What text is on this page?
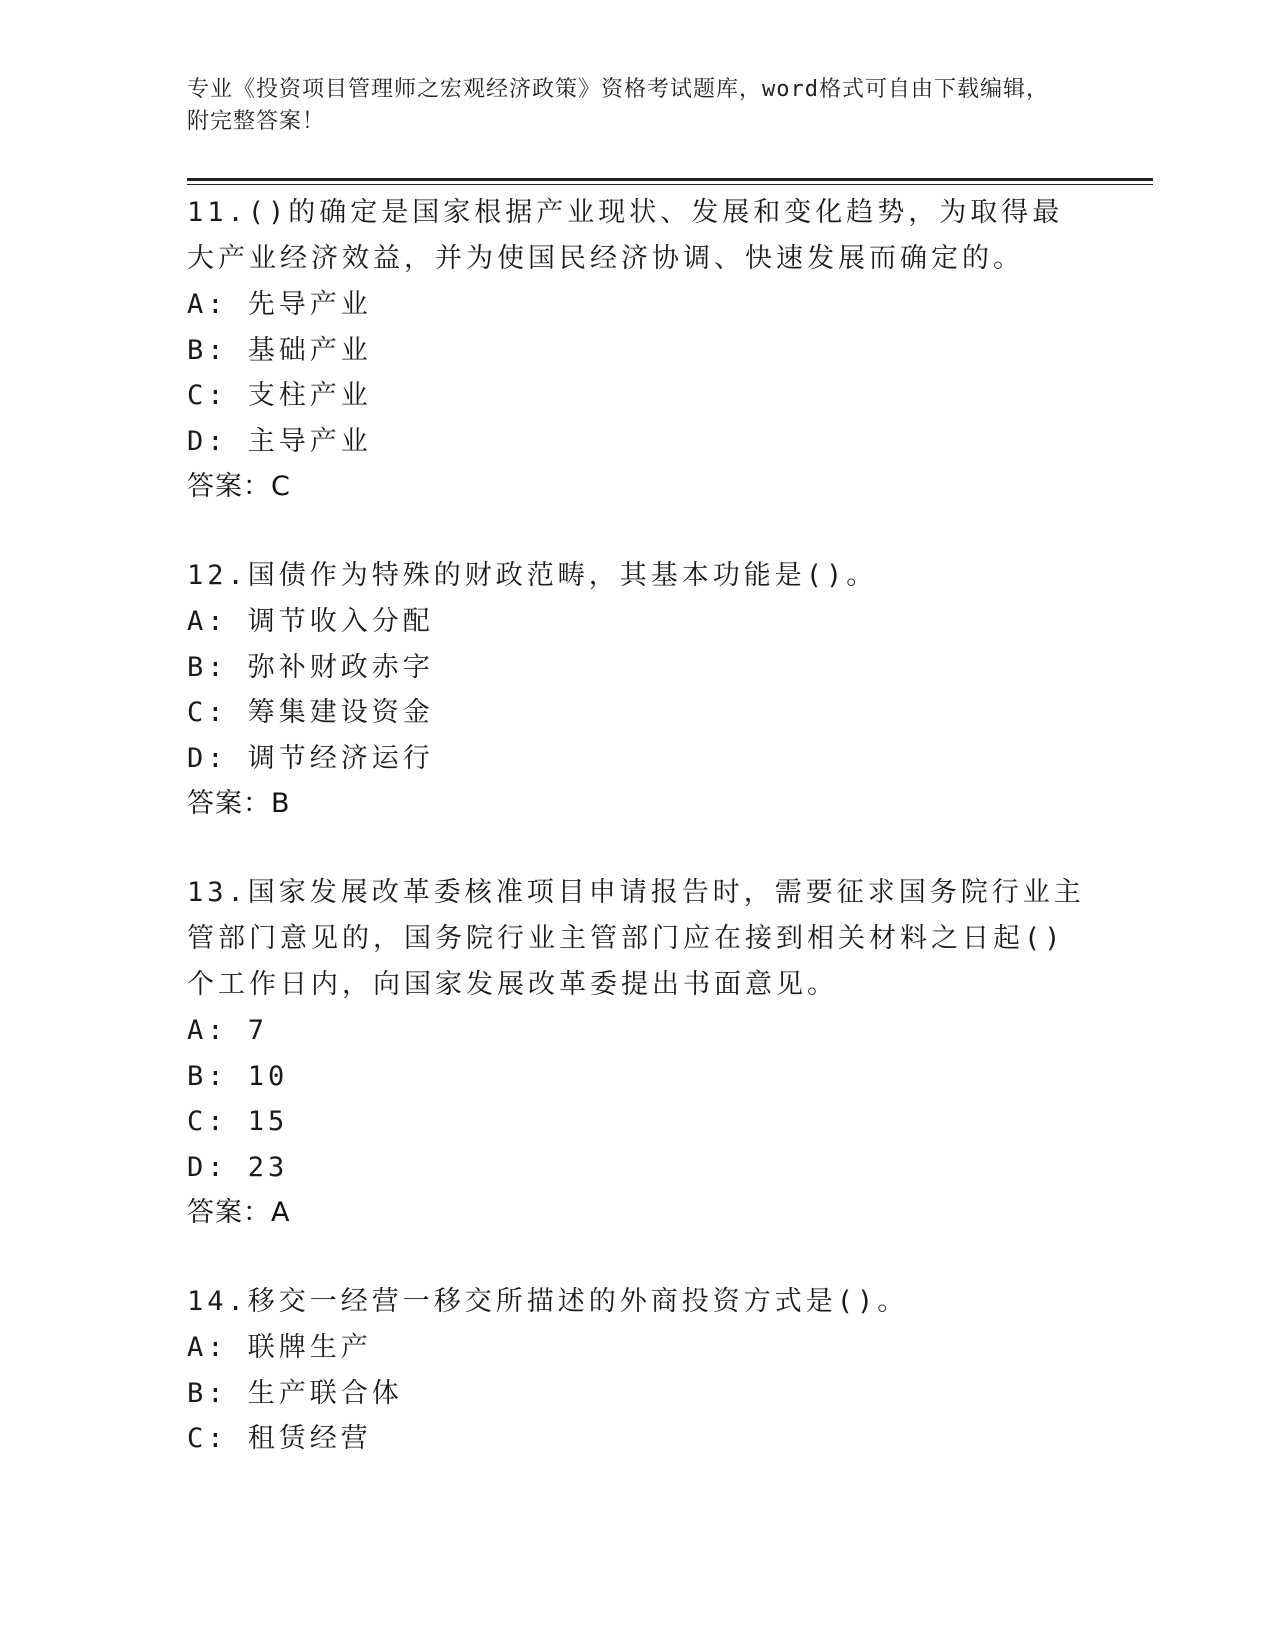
专业《投资项目管理师之宏观经济政策》资格考试题库，word格式可自由下载编辑，附完整答案！
11.()的确定是国家根据产业现状、发展和变化趋势，为取得最大产业经济效益，并为使国民经济协调、快速发展而确定的。
A: 先导产业
B: 基础产业
C: 支柱产业
D: 主导产业
答案：C
12.国债作为特殊的财政范畴，其基本功能是()。
A: 调节收入分配
B: 弥补财政赤字
C: 筹集建设资金
D: 调节经济运行
答案：B
13.国家发展改革委核准项目申请报告时，需要征求国务院行业主管部门意见的，国务院行业主管部门应在接到相关材料之日起()个工作日内，向国家发展改革委提出书面意见。
A: 7
B: 10
C: 15
D: 23
答案：A
14.移交一经营一移交所描述的外商投资方式是()。
A: 联牌生产
B: 生产联合体
C: 租赁经营
